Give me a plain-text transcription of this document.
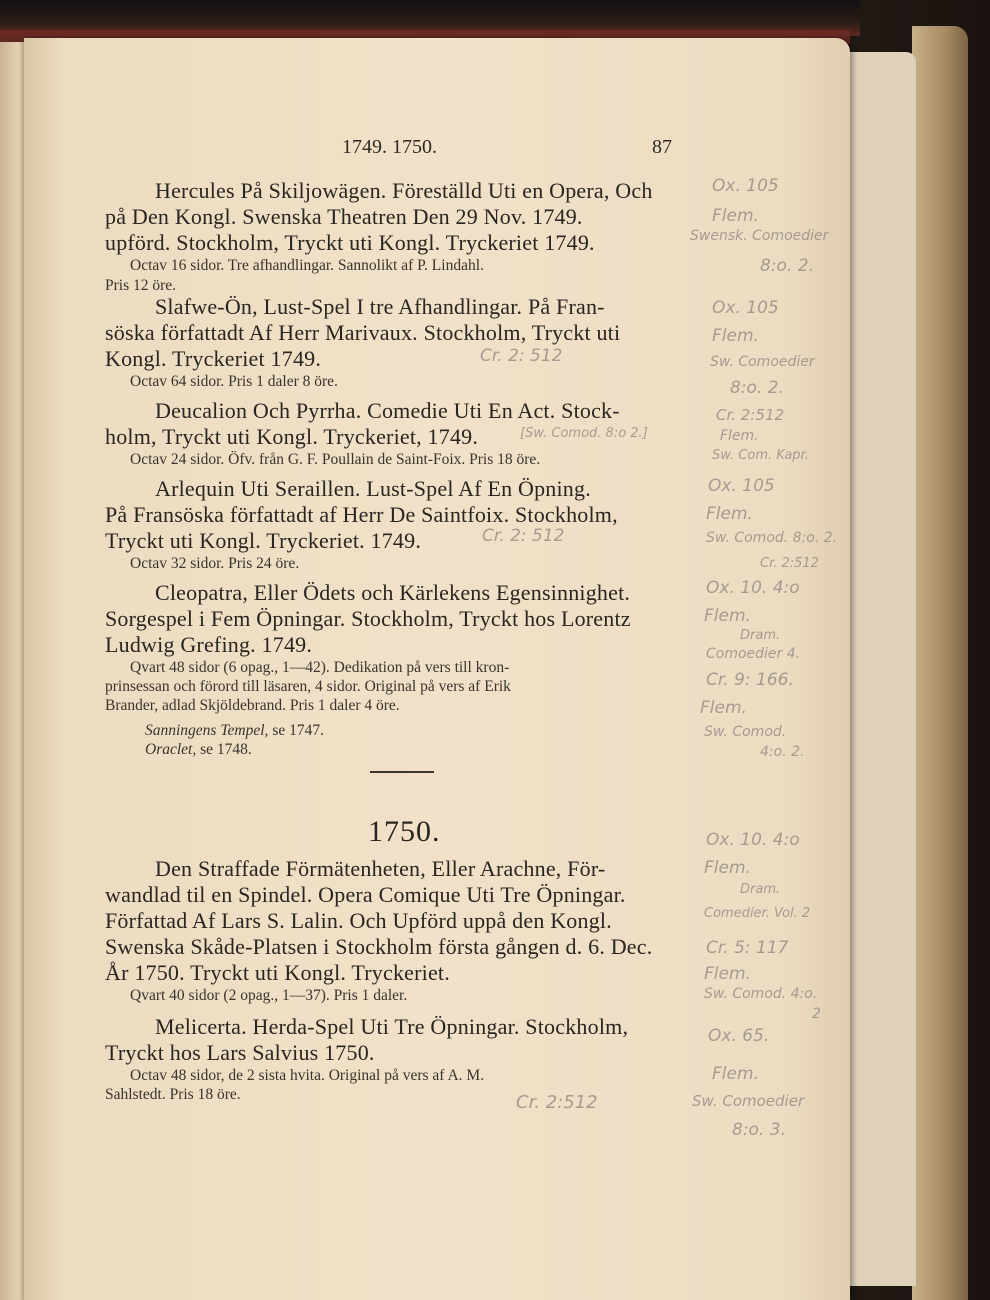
1749. 1750.	87
Hercules På Skiljowägen. Föreställd Uti en Opera, Och
på Den Kongl. Swenska Theatren Den 29 Nov. 1749.
upförd. Stockholm, Tryckt uti Kongl. Tryckeriet 1749.
Octav 16 sidor. Tre afhandlingar. Sannolikt af P. Lindahl.
Pris 12 öre.
Slafwe-Ön, Lust-Spel I tre Afhandlingar. På Fran-
söska författadt Af Herr Marivaux. Stockholm, Tryckt uti
Kongl. Tryckeriet 1749.
Octav 64 sidor. Pris 1 daler 8 öre.
Deucalion Och Pyrrha. Comedie Uti En Act. Stock-
holm, Tryckt uti Kongl. Tryckeriet, 1749.
Octav 24 sidor. Öfv. från G. F. Poullain de Saint-Foix. Pris 18 öre.
Arlequin Uti Seraillen. Lust-Spel Af En Öpning.
På Fransöska författadt af Herr De Saintfoix. Stockholm,
Tryckt uti Kongl. Tryckeriet. 1749.
Octav 32 sidor. Pris 24 öre.
Cleopatra, Eller Ödets och Kärlekens Egensinnighet.
Sorgespel i Fem Öpningar. Stockholm, Tryckt hos Lorentz
Ludwig Grefing. 1749.
Qvart 48 sidor (6 opag., 1—42). Dedikation på vers till kron-
prinsessan och förord till läsaren, 4 sidor. Original på vers af Erik
Brander, adlad Skjöldebrand. Pris 1 daler 4 öre.
Sanningens Tempel, se 1747.
Oraclet, se 1748.
1750.
Den Straffade Förmätenheten, Eller Arachne, För-
wandlad til en Spindel. Opera Comique Uti Tre Öpningar.
Författad Af Lars S. Lalin. Och Upförd uppå den Kongl.
Swenska Skåde-Platsen i Stockholm första gången d. 6. Dec.
År 1750. Tryckt uti Kongl. Tryckeriet.
Qvart 40 sidor (2 opag., 1—37). Pris 1 daler.
Melicerta. Herda-Spel Uti Tre Öpningar. Stockholm,
Tryckt hos Lars Salvius 1750.
Octav 48 sidor, de 2 sista hvita. Original på vers af A. M.
Sahlstedt. Pris 18 öre.
Ox. 105
Flem.
Swensk. Comoedier
8:o. 2.
Ox. 105
Flem.
Sw. Comoedier
8:o. 2.
Cr. 2: 512
Cr. 2:512
[Sw. Comod. 8:o 2.]
Cr. 2: 512
Flem.
Sw. Com. Kapr.
Ox. 105
Flem.
Sw. Comod. 8:o. 2.
Cr. 2:512
Ox. 10. 4:o
Flem.
Dram.
Comoedier 4.
Cr. 9: 166.
Flem.
Sw. Comod.
4:o. 2.
Ox. 10. 4:o
Flem.
Dram.
Comedier. Vol. 2
Cr. 5: 117
Flem.
Sw. Comod. 4:o.
2
Ox. 65.
Flem.
Cr. 2:512	Sw. Comoedier
8:o. 3.
